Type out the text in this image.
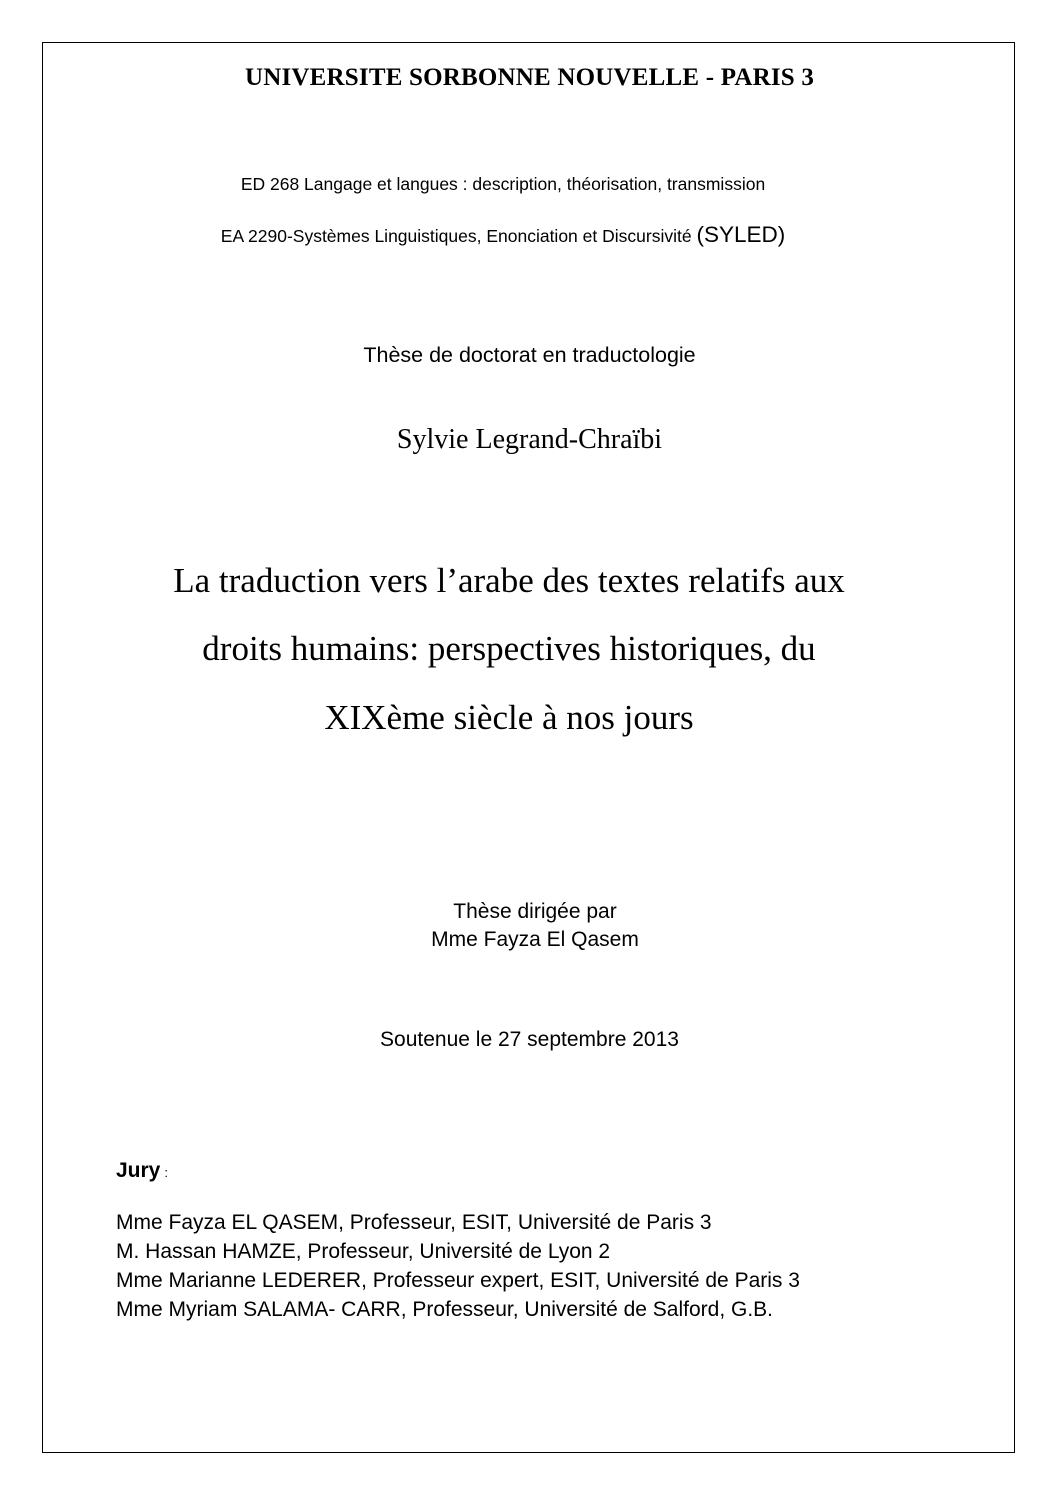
UNIVERSITE SORBONNE NOUVELLE - PARIS 3
ED 268 Langage et langues : description, théorisation, transmission
EA 2290-Systèmes Linguistiques, Enonciation et Discursivité (SYLED)
Thèse de doctorat en traductologie
Sylvie Legrand-Chraïbi
La traduction vers l’arabe des textes relatifs aux
droits humains: perspectives historiques, du
XIXème siècle à nos jours
Thèse dirigée par
Mme Fayza El Qasem
Soutenue le 27 septembre 2013
Jury :
Mme Fayza EL QASEM, Professeur, ESIT, Université de Paris 3
M. Hassan HAMZE, Professeur, Université de Lyon 2
Mme Marianne LEDERER, Professeur expert, ESIT, Université de Paris 3
Mme Myriam SALAMA- CARR, Professeur, Université de Salford, G.B.
